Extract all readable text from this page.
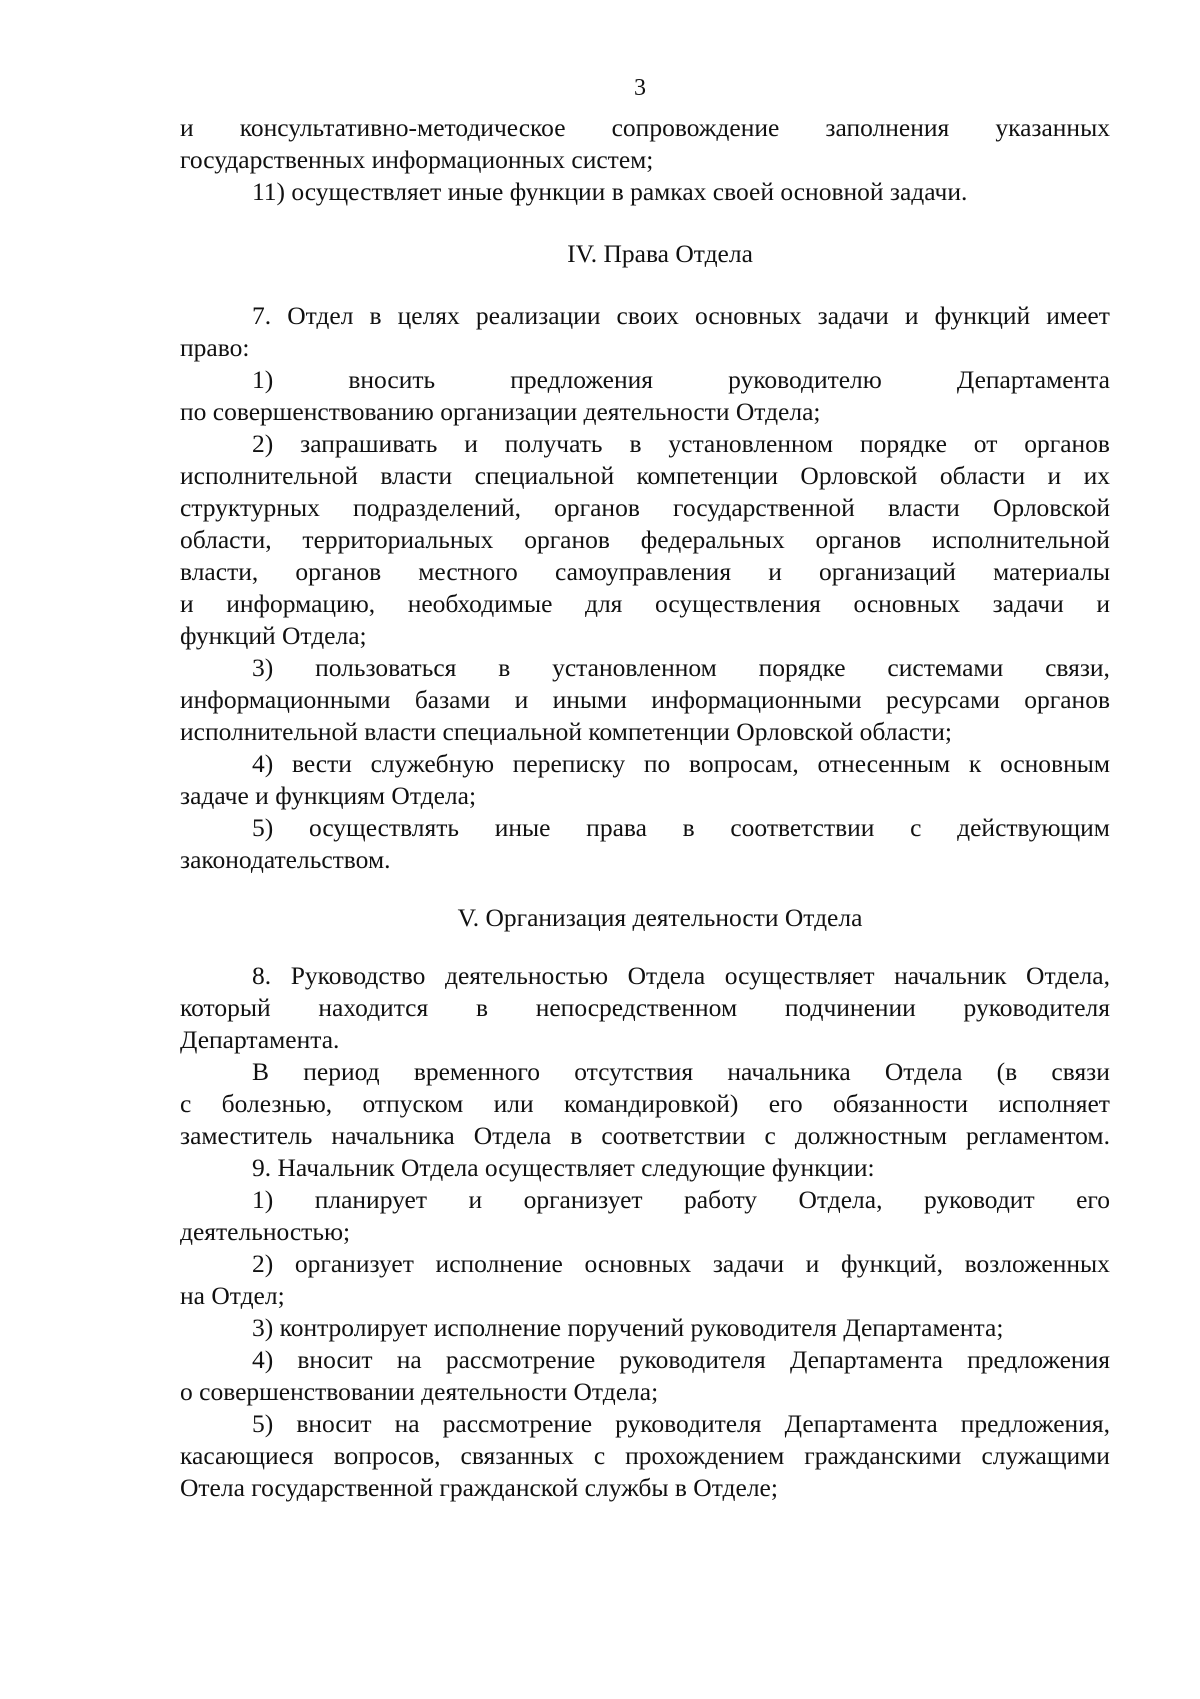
3
и консультативно-методическое сопровождение заполнения указанных
государственных информационных систем;
11) осуществляет иные функции в рамках своей основной задачи.
IV. Права Отдела
7. Отдел в целях реализации своих основных задачи и функций имеет
право:
1)	вносить	предложения	руководителю	Департамента
по совершенствованию организации деятельности Отдела;
2) запрашивать и получать в установленном порядке от органов
исполнительной власти специальной компетенции Орловской области и их
структурных подразделений, органов государственной власти Орловской
области, территориальных органов федеральных органов исполнительной
власти, органов местного самоуправления и организаций материалы
и информацию, необходимые для осуществления основных задачи и
функций Отдела;
3) пользоваться в установленном порядке системами связи,
информационными базами и иными информационными ресурсами органов
исполнительной власти специальной компетенции Орловской области;
4) вести служебную переписку по вопросам, отнесенным к основным
задаче и функциям Отдела;
5) осуществлять иные права в соответствии с действующим
законодательством.
V. Организация деятельности Отдела
8. Руководство деятельностью Отдела осуществляет начальник Отдела,
который находится в непосредственном подчинении руководителя
Департамента.
В период временного отсутствия начальника Отдела (в связи
с болезнью, отпуском или командировкой) его обязанности исполняет
заместитель начальника Отдела в соответствии с должностным регламентом.
9. Начальник Отдела осуществляет следующие функции:
1) планирует и организует работу Отдела, руководит его
деятельностью;
2) организует исполнение основных задачи и функций, возложенных
на Отдел;
3) контролирует исполнение поручений руководителя Департамента;
4) вносит на рассмотрение руководителя Департамента предложения
о совершенствовании деятельности Отдела;
5) вносит на рассмотрение руководителя Департамента предложения,
касающиеся вопросов, связанных с прохождением гражданскими служащими
Отела государственной гражданской службы в Отделе;
